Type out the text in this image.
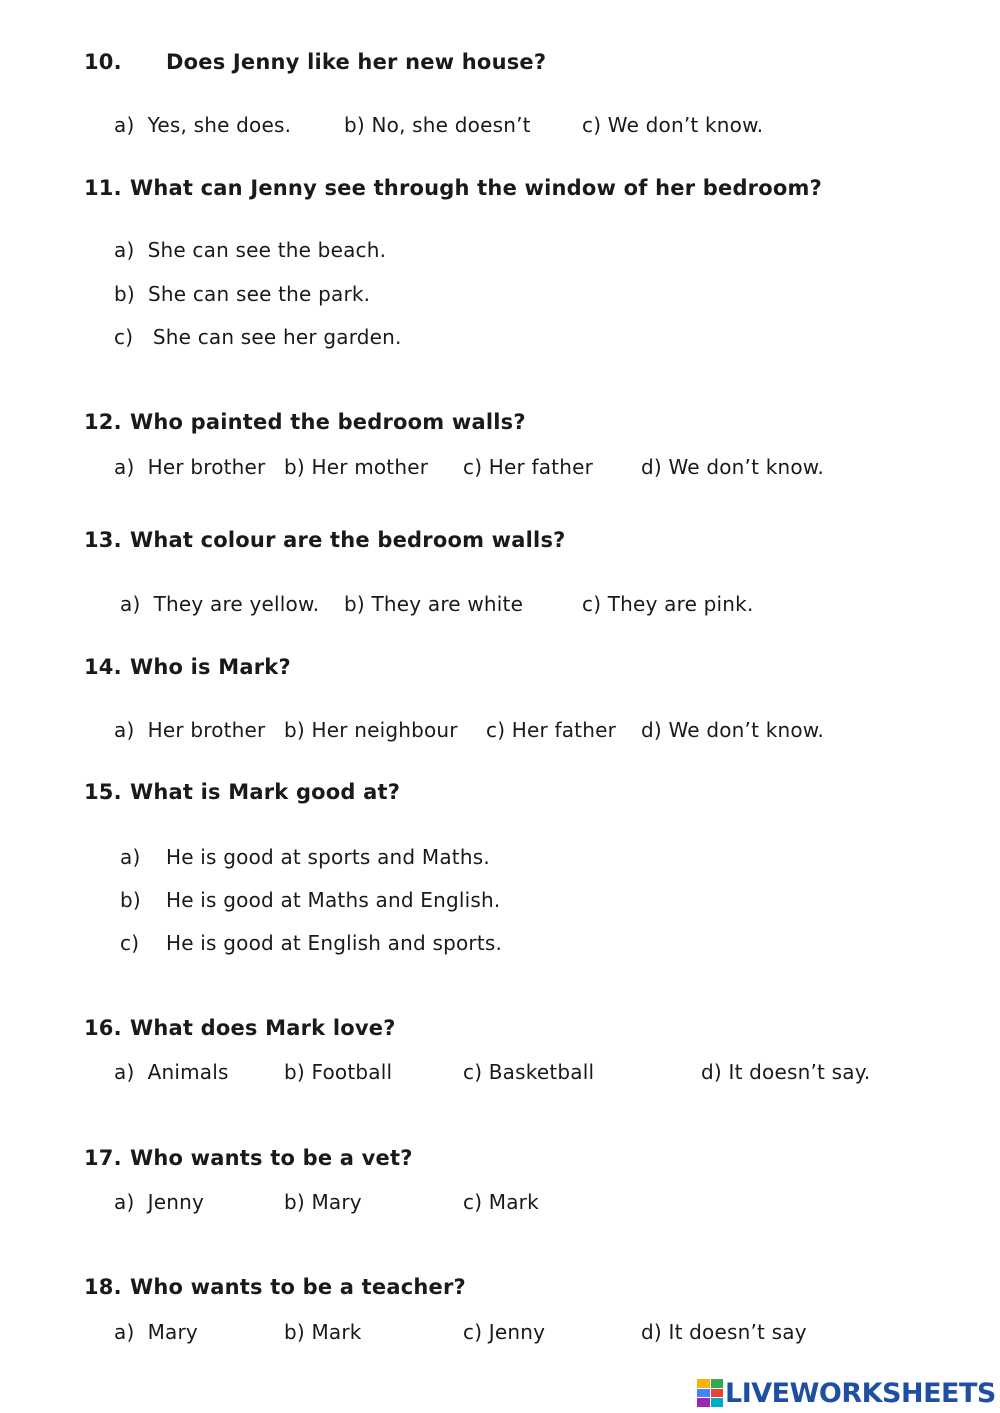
10. Does Jenny like her new house?
a) Yes, she does.	b) No, she doesn’t	c) We don’t know.
11. What can Jenny see through the window of her bedroom?
a) She can see the beach.
b) She can see the park.
c) She can see her garden.
12. Who painted the bedroom walls?
a) Her brother b) Her mother c) Her father d) We don’t know.
13. What colour are the bedroom walls?
a) They are yellow. b) They are white	c) They are pink.
14. Who is Mark?
a) Her brother b) Her neighbour c) Her father d) We don’t know.
15. What is Mark good at?
a) He is good at sports and Maths.
b) He is good at Maths and English.
c) He is good at English and sports.
16. What does Mark love?
a) Animals	b) Football	c) Basketball	d) It doesn’t say.
17. Who wants to be a vet?
a) Jenny	b) Mary	c) Mark
18. Who wants to be a teacher?
a) Mary	b) Mark	c) Jenny	d) It doesn’t say
LIVEWORKSHEETS
